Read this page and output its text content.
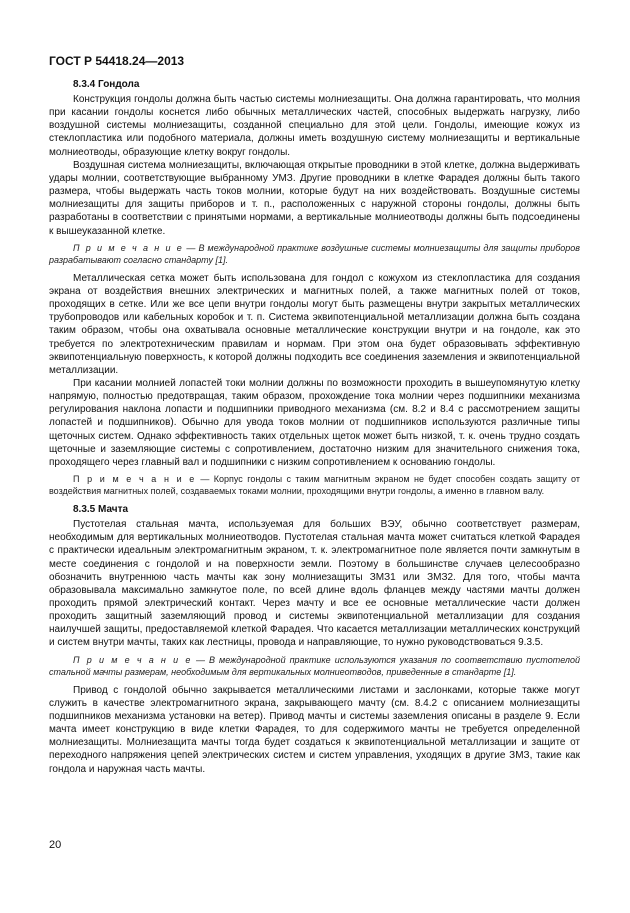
ГОСТ Р 54418.24—2013
8.3.4 Гондола

Конструкция гондолы должна быть частью системы молниезащиты. Она должна гарантировать, что молния при касании гондолы коснется либо обычных металлических частей, способных выдержать нагрузку, либо воздушной системы молниезащиты, созданной специально для этой цели. Гондолы, имеющие кожух из стеклопластика или подобного материала, должны иметь воздушную систему молниезащиты и вертикальные молниеотводы, образующие клетку вокруг гондолы.

Воздушная система молниезащиты, включающая открытые проводники в этой клетке, должна выдерживать удары молнии, соответствующие выбранному УМЗ. Другие проводники в клетке Фарадея должны быть такого размера, чтобы выдержать часть токов молнии, которые будут на них воздействовать. Воздушные системы молниезащиты для защиты приборов и т. п., расположенных с наружной стороны гондолы, должны быть разработаны в соответствии с принятыми нормами, а вертикальные молниеотводы должны быть подсоединены к вышеуказанной клетке.

П р и м е ч а н и е — В международной практике воздушные системы молниезащиты для защиты приборов разрабатывают согласно стандарту [1].

Металлическая сетка может быть использована для гондол с кожухом из стеклопластика для создания экрана от воздействия внешних электрических и магнитных полей, а также магнитных полей от токов, проходящих в сетке. Или же все цепи внутри гондолы могут быть размещены внутри закрытых металлических трубопроводов или кабельных коробок и т. п. Система эквипотенциальной металлизации должна быть создана таким образом, чтобы она охватывала основные металлические конструкции внутри и на гондоле, как это требуется по электротехническим правилам и нормам. При этом она будет образовывать эффективную эквипотенциальную поверхность, к которой должны подходить все соединения заземления и эквипотенциальной металлизации.

При касании молнией лопастей токи молнии должны по возможности проходить в вышеупомянутую клетку напрямую, полностью предотвращая, таким образом, прохождение тока молнии через подшипники механизма регулирования наклона лопасти и подшипники приводного механизма (см. 8.2 и 8.4 с рассмотрением защиты лопастей и подшипников). Обычно для увода токов молнии от подшипников используются различные типы щеточных систем. Однако эффективность таких отдельных щеток может быть низкой, т. к. очень трудно создать щеточные и заземляющие системы с сопротивлением, достаточно низким для значительного снижения тока, проходящего через главный вал и подшипники с низким сопротивлением к основанию гондолы.

П р и м е ч а н и е — Корпус гондолы с таким магнитным экраном не будет способен создать защиту от воздействия магнитных полей, создаваемых токами молнии, проходящими внутри гондолы, а именно в главном валу.

8.3.5 Мачта

Пустотелая стальная мачта, используемая для больших ВЭУ, обычно соответствует размерам, необходимым для вертикальных молниеотводов. Пустотелая стальная мачта может считаться клеткой Фарадея с практически идеальным электромагнитным экраном, т. к. электромагнитное поле является почти замкнутым в месте соединения с гондолой и на поверхности земли. Поэтому в большинстве случаев целесообразно обозначить внутреннюю часть мачты как зону молниезащиты ЗМЗ1 или ЗМЗ2. Для того, чтобы мачта образовывала максимально замкнутое поле, по всей длине вдоль фланцев между частями мачты должен проходить прямой электрический контакт. Через мачту и все ее основные металлические части должен проходить защитный заземляющий провод и системы эквипотенциальной металлизации для создания наилучшей защиты, предоставляемой клеткой Фарадея. Что касается металлизации металлических конструкций и систем внутри мачты, таких как лестницы, провода и направляющие, то нужно руководствоваться 9.3.5.

П р и м е ч а н и е — В международной практике используются указания по соответствию пустотелой стальной мачты размерам, необходимым для вертикальных молниеотводов, приведенные в стандарте [1].

Привод с гондолой обычно закрывается металлическими листами и заслонками, которые также могут служить в качестве электромагнитного экрана, закрывающего мачту (см. 8.4.2 с описанием молниезащиты подшипников механизма установки на ветер). Привод мачты и системы заземления описаны в разделе 9. Если мачта имеет конструкцию в виде клетки Фарадея, то для содержимого мачты не требуется определенной молниезащиты. Молниезащита мачты тогда будет создаться к эквипотенциальной металлизации и защите от переходного напряжения цепей электрических систем и систем управления, уходящих в другие ЗМЗ, такие как гондола и наружная часть мачты.

20
